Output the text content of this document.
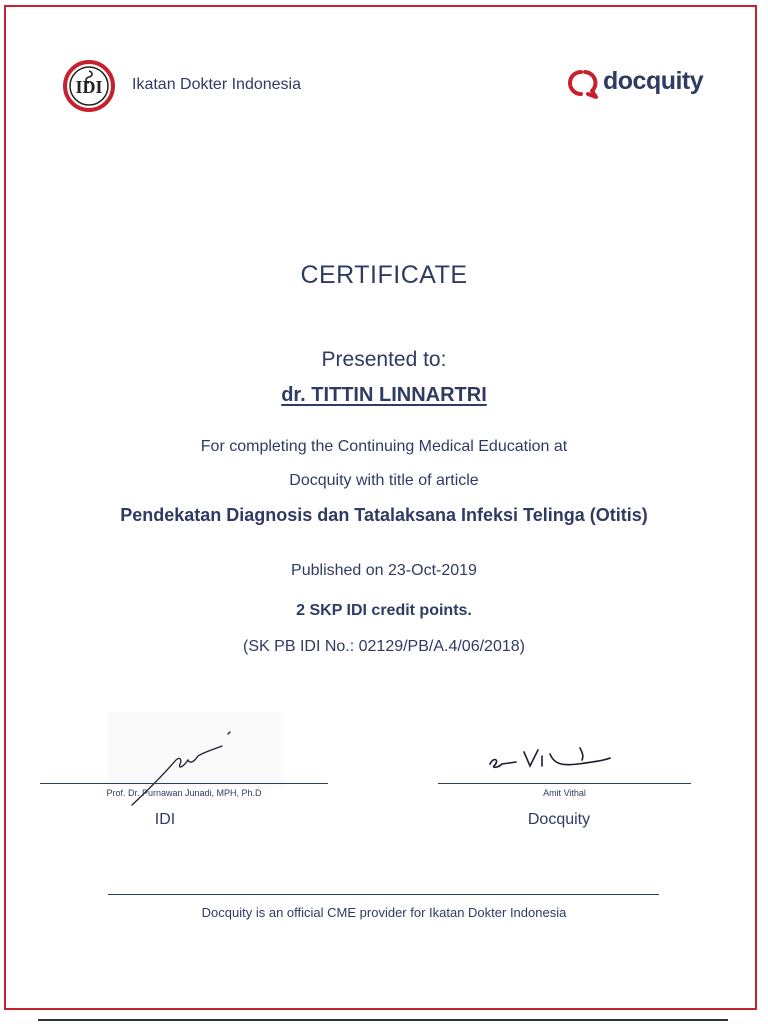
IDI Ikatan Dokter Indonesia	docquity
CERTIFICATE
Presented to:
dr. TITTIN LINNARTRI
For completing the Continuing Medical Education at
Docquity with title of article
Pendekatan Diagnosis dan Tatalaksana Infeksi Telinga (Otitis)
Published on 23-Oct-2019
2 SKP IDI credit points.
(SK PB IDI No.: 02129/PB/A.4/06/2018)
Prof. Dr. Purnawan Junadi, MPH, Ph.D	Amit Vithal
IDI	Docquity
Docquity is an official CME provider for Ikatan Dokter Indonesia
